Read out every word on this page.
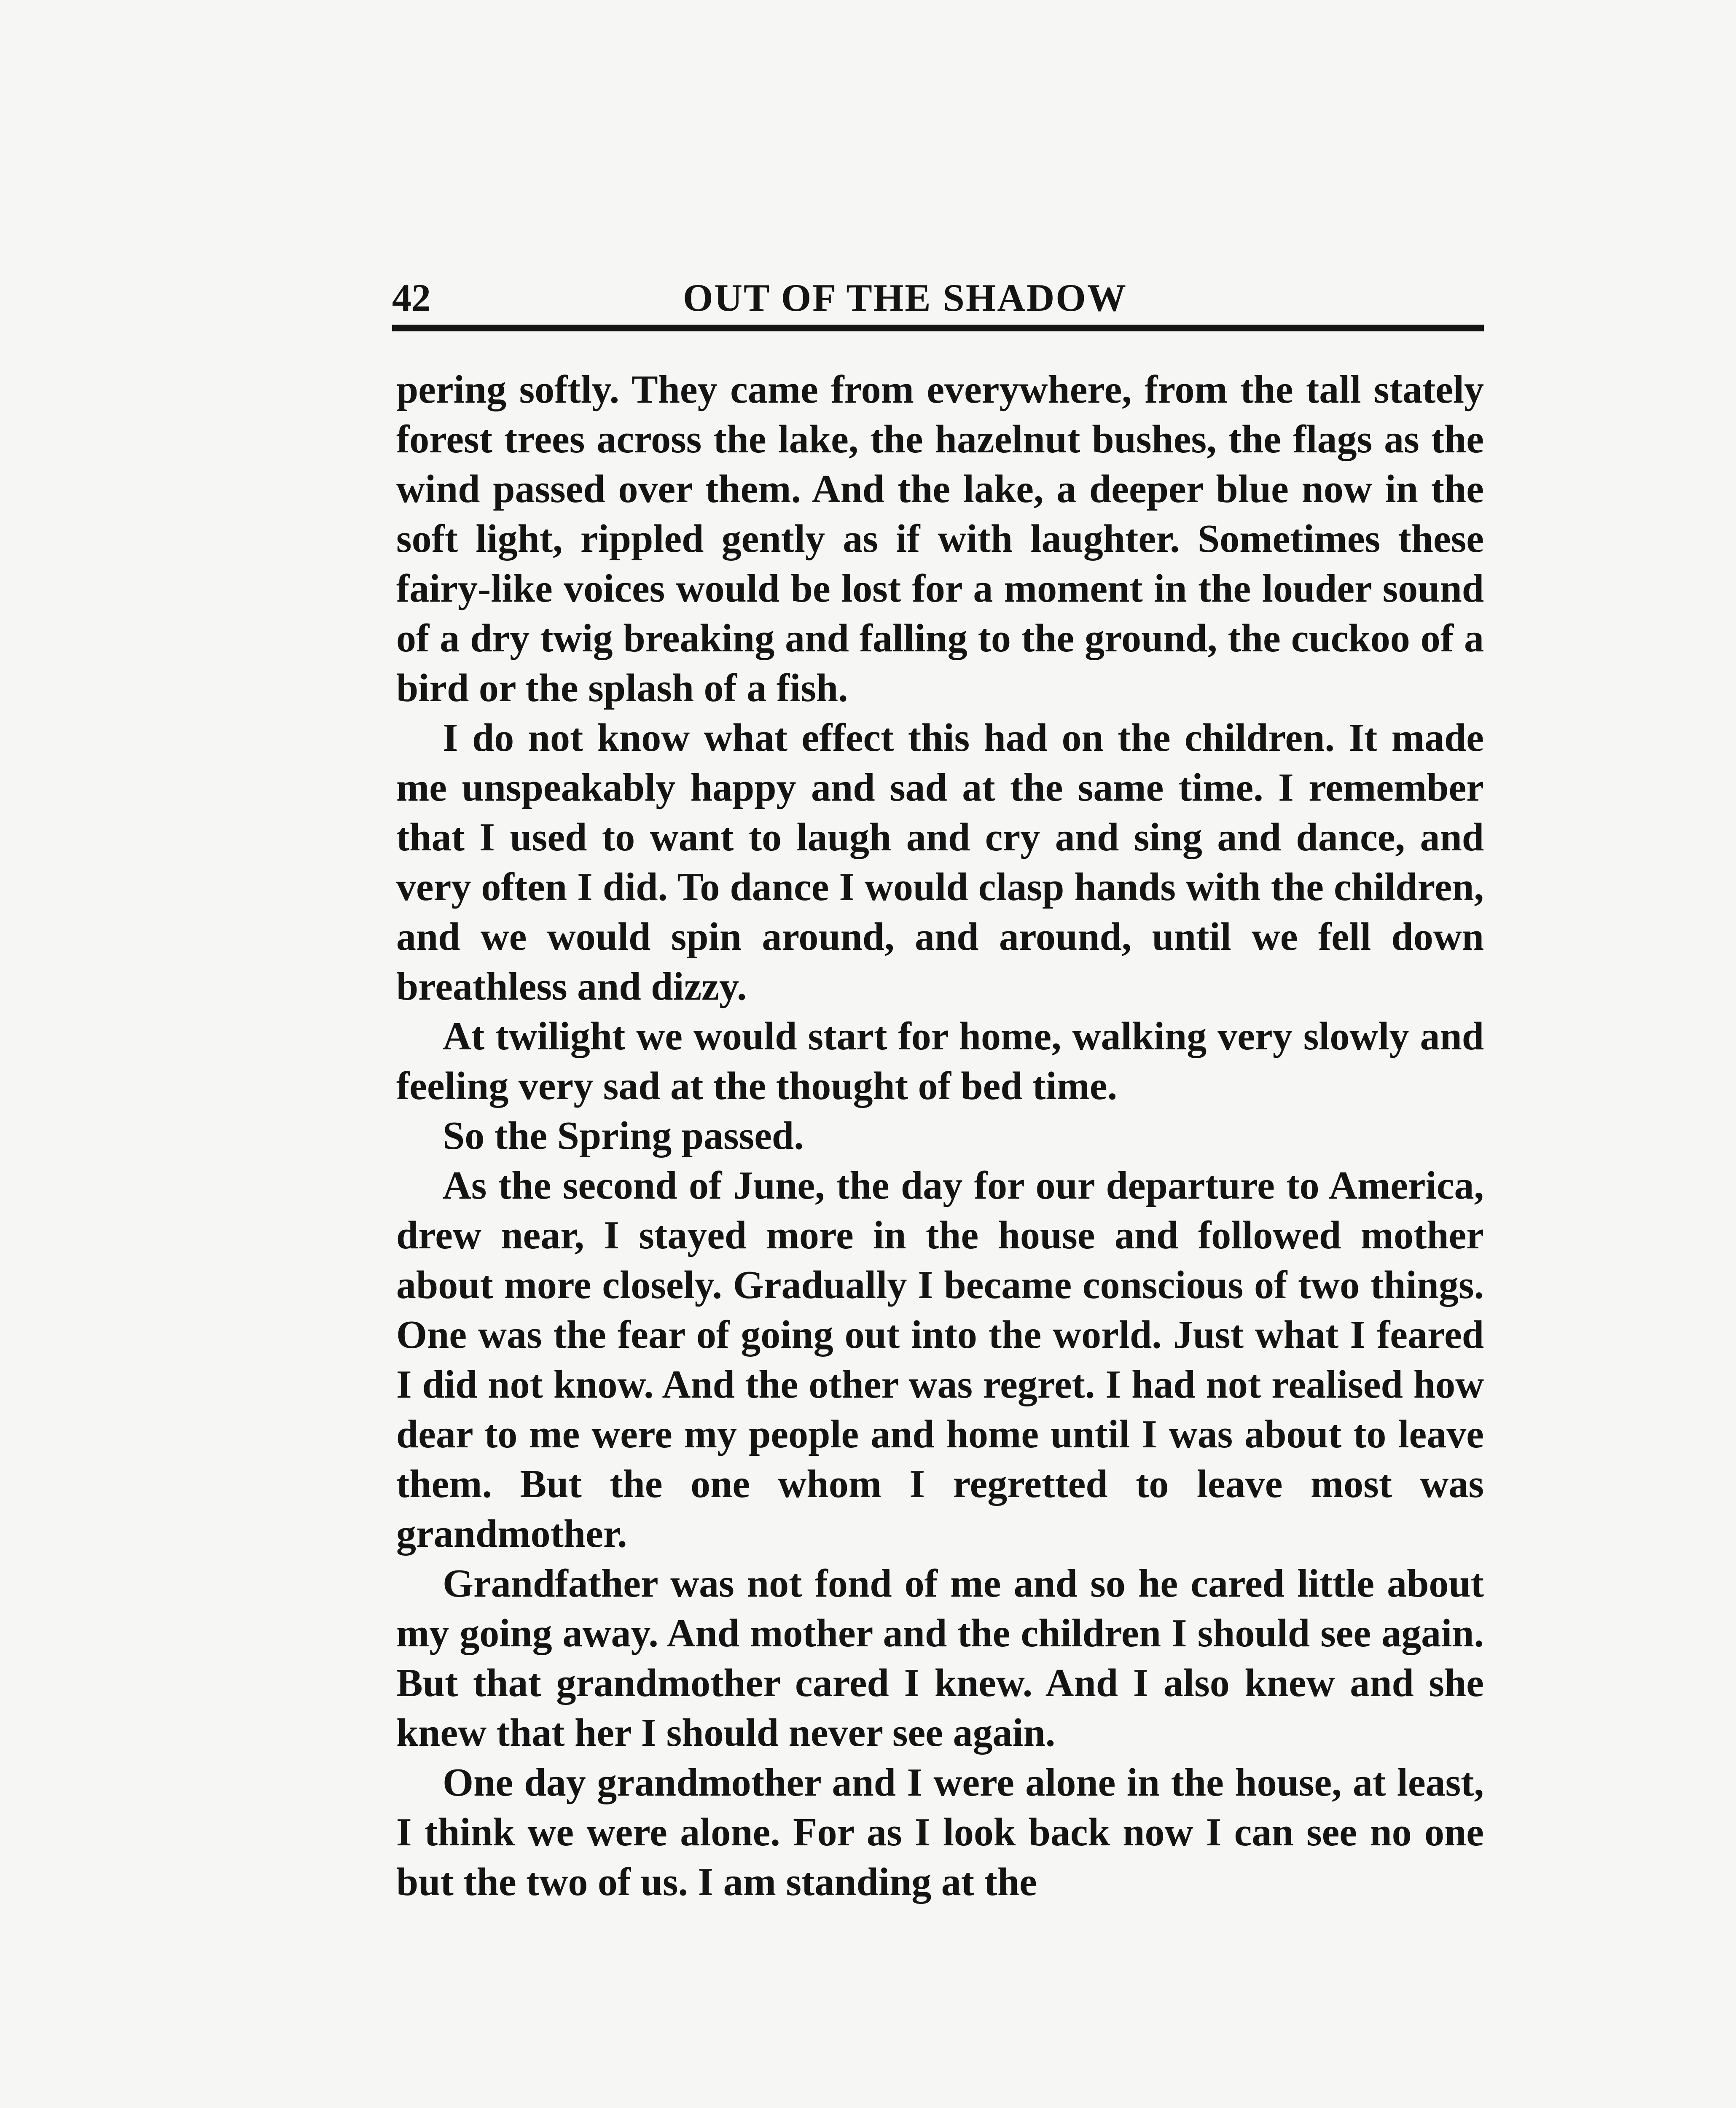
42	OUT OF THE SHADOW

pering softly. They came from everywhere, from the tall stately forest trees across the lake, the hazelnut bushes, the flags as the wind passed over them. And the lake, a deeper blue now in the soft light, rippled gently as if with laughter. Sometimes these fairy-like voices would be lost for a moment in the louder sound of a dry twig breaking and falling to the ground, the cuckoo of a bird or the splash of a fish.

I do not know what effect this had on the children. It made me unspeakably happy and sad at the same time. I remember that I used to want to laugh and cry and sing and dance, and very often I did. To dance I would clasp hands with the children, and we would spin around, and around, until we fell down breathless and dizzy.

At twilight we would start for home, walking very slowly and feeling very sad at the thought of bed time.

So the Spring passed.

As the second of June, the day for our departure to America, drew near, I stayed more in the house and followed mother about more closely. Gradually I became conscious of two things. One was the fear of going out into the world. Just what I feared I did not know. And the other was regret. I had not realised how dear to me were my people and home until I was about to leave them. But the one whom I regretted to leave most was grandmother.

Grandfather was not fond of me and so he cared little about my going away. And mother and the children I should see again. But that grandmother cared I knew. And I also knew and she knew that her I should never see again.

One day grandmother and I were alone in the house, at least, I think we were alone. For as I look back now I can see no one but the two of us. I am standing at the
